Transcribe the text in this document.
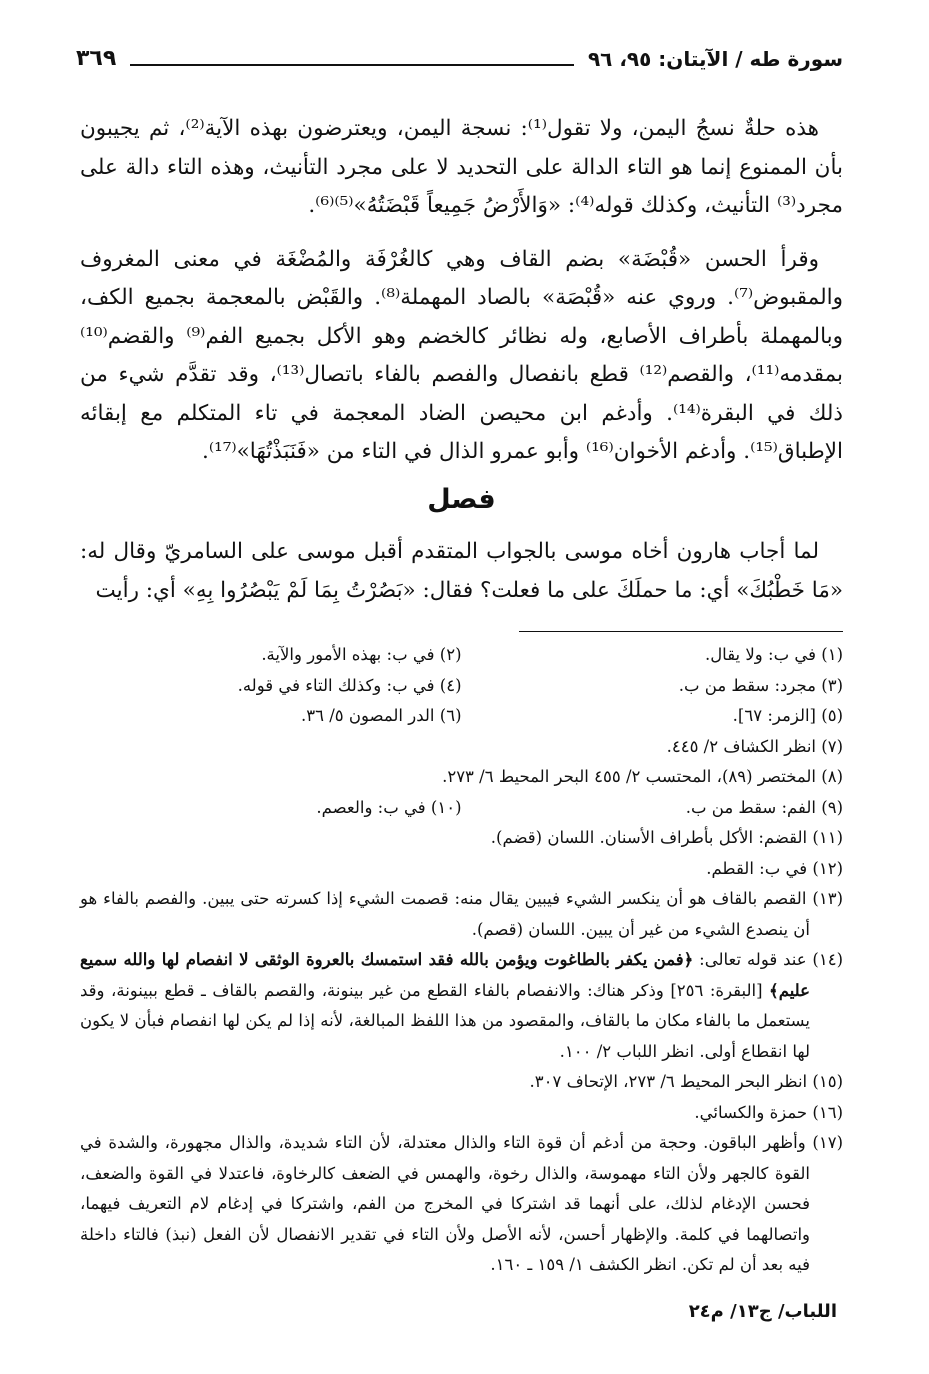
سورة طه / الآيتان: ٩٥، ٩٦
٣٦٩

هذه حلةٌ نسجُ اليمن، ولا تقول⁽¹⁾: نسجة اليمن، ويعترضون بهذه الآية⁽²⁾، ثم يجيبون بأن الممنوع إنما هو التاء الدالة على التحديد لا على مجرد التأنيث، وهذه التاء دالة على مجرد⁽³⁾ التأنيث، وكذلك قوله⁽⁴⁾: «وَالأَرْضُ جَمِيعاً قَبْضَتُهُ»⁽⁵⁾⁽⁶⁾.

وقرأ الحسن «قُبْضَة» بضم القاف وهي كالغُرْفَة والمُضْغَة في معنى المغروف والمقبوض⁽⁷⁾. وروي عنه «قُبْصَة» بالصاد المهملة⁽⁸⁾. والقَبْض بالمعجمة بجميع الكف، وبالمهملة بأطراف الأصابع، وله نظائر كالخضم وهو الأكل بجميع الفم⁽⁹⁾ والقضم⁽¹⁰⁾ بمقدمه⁽¹¹⁾، والقصم⁽¹²⁾ قطع بانفصال والفصم بالفاء باتصال⁽¹³⁾، وقد تقدَّم شيء من ذلك في البقرة⁽¹⁴⁾. وأدغم ابن محيصن الضاد المعجمة في تاء المتكلم مع إبقائه الإطباق⁽¹⁵⁾. وأدغم الأخوان⁽¹⁶⁾ وأبو عمرو الذال في التاء من «فَنَبَذْتُهَا»⁽¹⁷⁾.

فصل

لما أجاب هارون أخاه موسى بالجواب المتقدم أقبل موسى على السامريّ وقال له: «مَا خَطْبُكَ» أي: ما حملَكَ على ما فعلت؟ فقال: «بَصُرْتُ بِمَا لَمْ يَبْصُرُوا بِهِ» أي: رأيت

(١) في ب: ولا يقال.
(٢) في ب: بهذه الأمور والآية.
(٣) مجرد: سقط من ب.
(٤) في ب: وكذلك التاء في قوله.
(٥) [الزمر: ٦٧].
(٦) الدر المصون ٥/ ٣٦.
(٧) انظر الكشاف ٢/ ٤٤٥.
(٨) المختصر (٨٩)، المحتسب ٢/ ٤٥٥ البحر المحيط ٦/ ٢٧٣.
(٩) الفم: سقط من ب.
(١٠) في ب: والعصم.
(١١) القضم: الأكل بأطراف الأسنان. اللسان (قضم).
(١٢) في ب: القطم.
(١٣) القصم بالقاف هو أن ينكسر الشيء فيبين يقال منه: قصمت الشيء إذا كسرته حتى يبين. والفصم بالفاء هو أن ينصدع الشيء من غير أن يبين. اللسان (قصم).
(١٤) عند قوله تعالى: ﴿فمن يكفر بالطاغوت ويؤمن بالله فقد استمسك بالعروة الوثقى لا انفصام لها والله سميع عليم﴾ [البقرة: ٢٥٦] وذكر هناك: والانفصام بالفاء القطع من غير بينونة، والقصم بالقاف ـ قطع ببينونة، وقد يستعمل ما بالفاء مكان ما بالقاف، والمقصود من هذا اللفظ المبالغة، لأنه إذا لم يكن لها انفصام فبأن لا يكون لها انقطاع أولى. انظر اللباب ٢/ ١٠٠.
(١٥) انظر البحر المحيط ٦/ ٢٧٣، الإتحاف ٣٠٧.
(١٦) حمزة والكسائي.
(١٧) وأظهر الباقون. وحجة من أدغم أن قوة التاء والذال معتدلة، لأن التاء شديدة، والذال مجهورة، والشدة في القوة كالجهر ولأن التاء مهموسة، والذال رخوة، والهمس في الضعف كالرخاوة، فاعتدلا في القوة والضعف، فحسن الإدغام لذلك، على أنهما قد اشتركا في المخرج من الفم، واشتركا في إدغام لام التعريف فيهما، واتصالهما في كلمة. والإظهار أحسن، لأنه الأصل ولأن التاء في تقدير الانفصال لأن الفعل (نبذ) فالتاء داخلة فيه بعد أن لم تكن. انظر الكشف ١/ ١٥٩ ـ ١٦٠.
اللباب/ ج١٣/ م٢٤
